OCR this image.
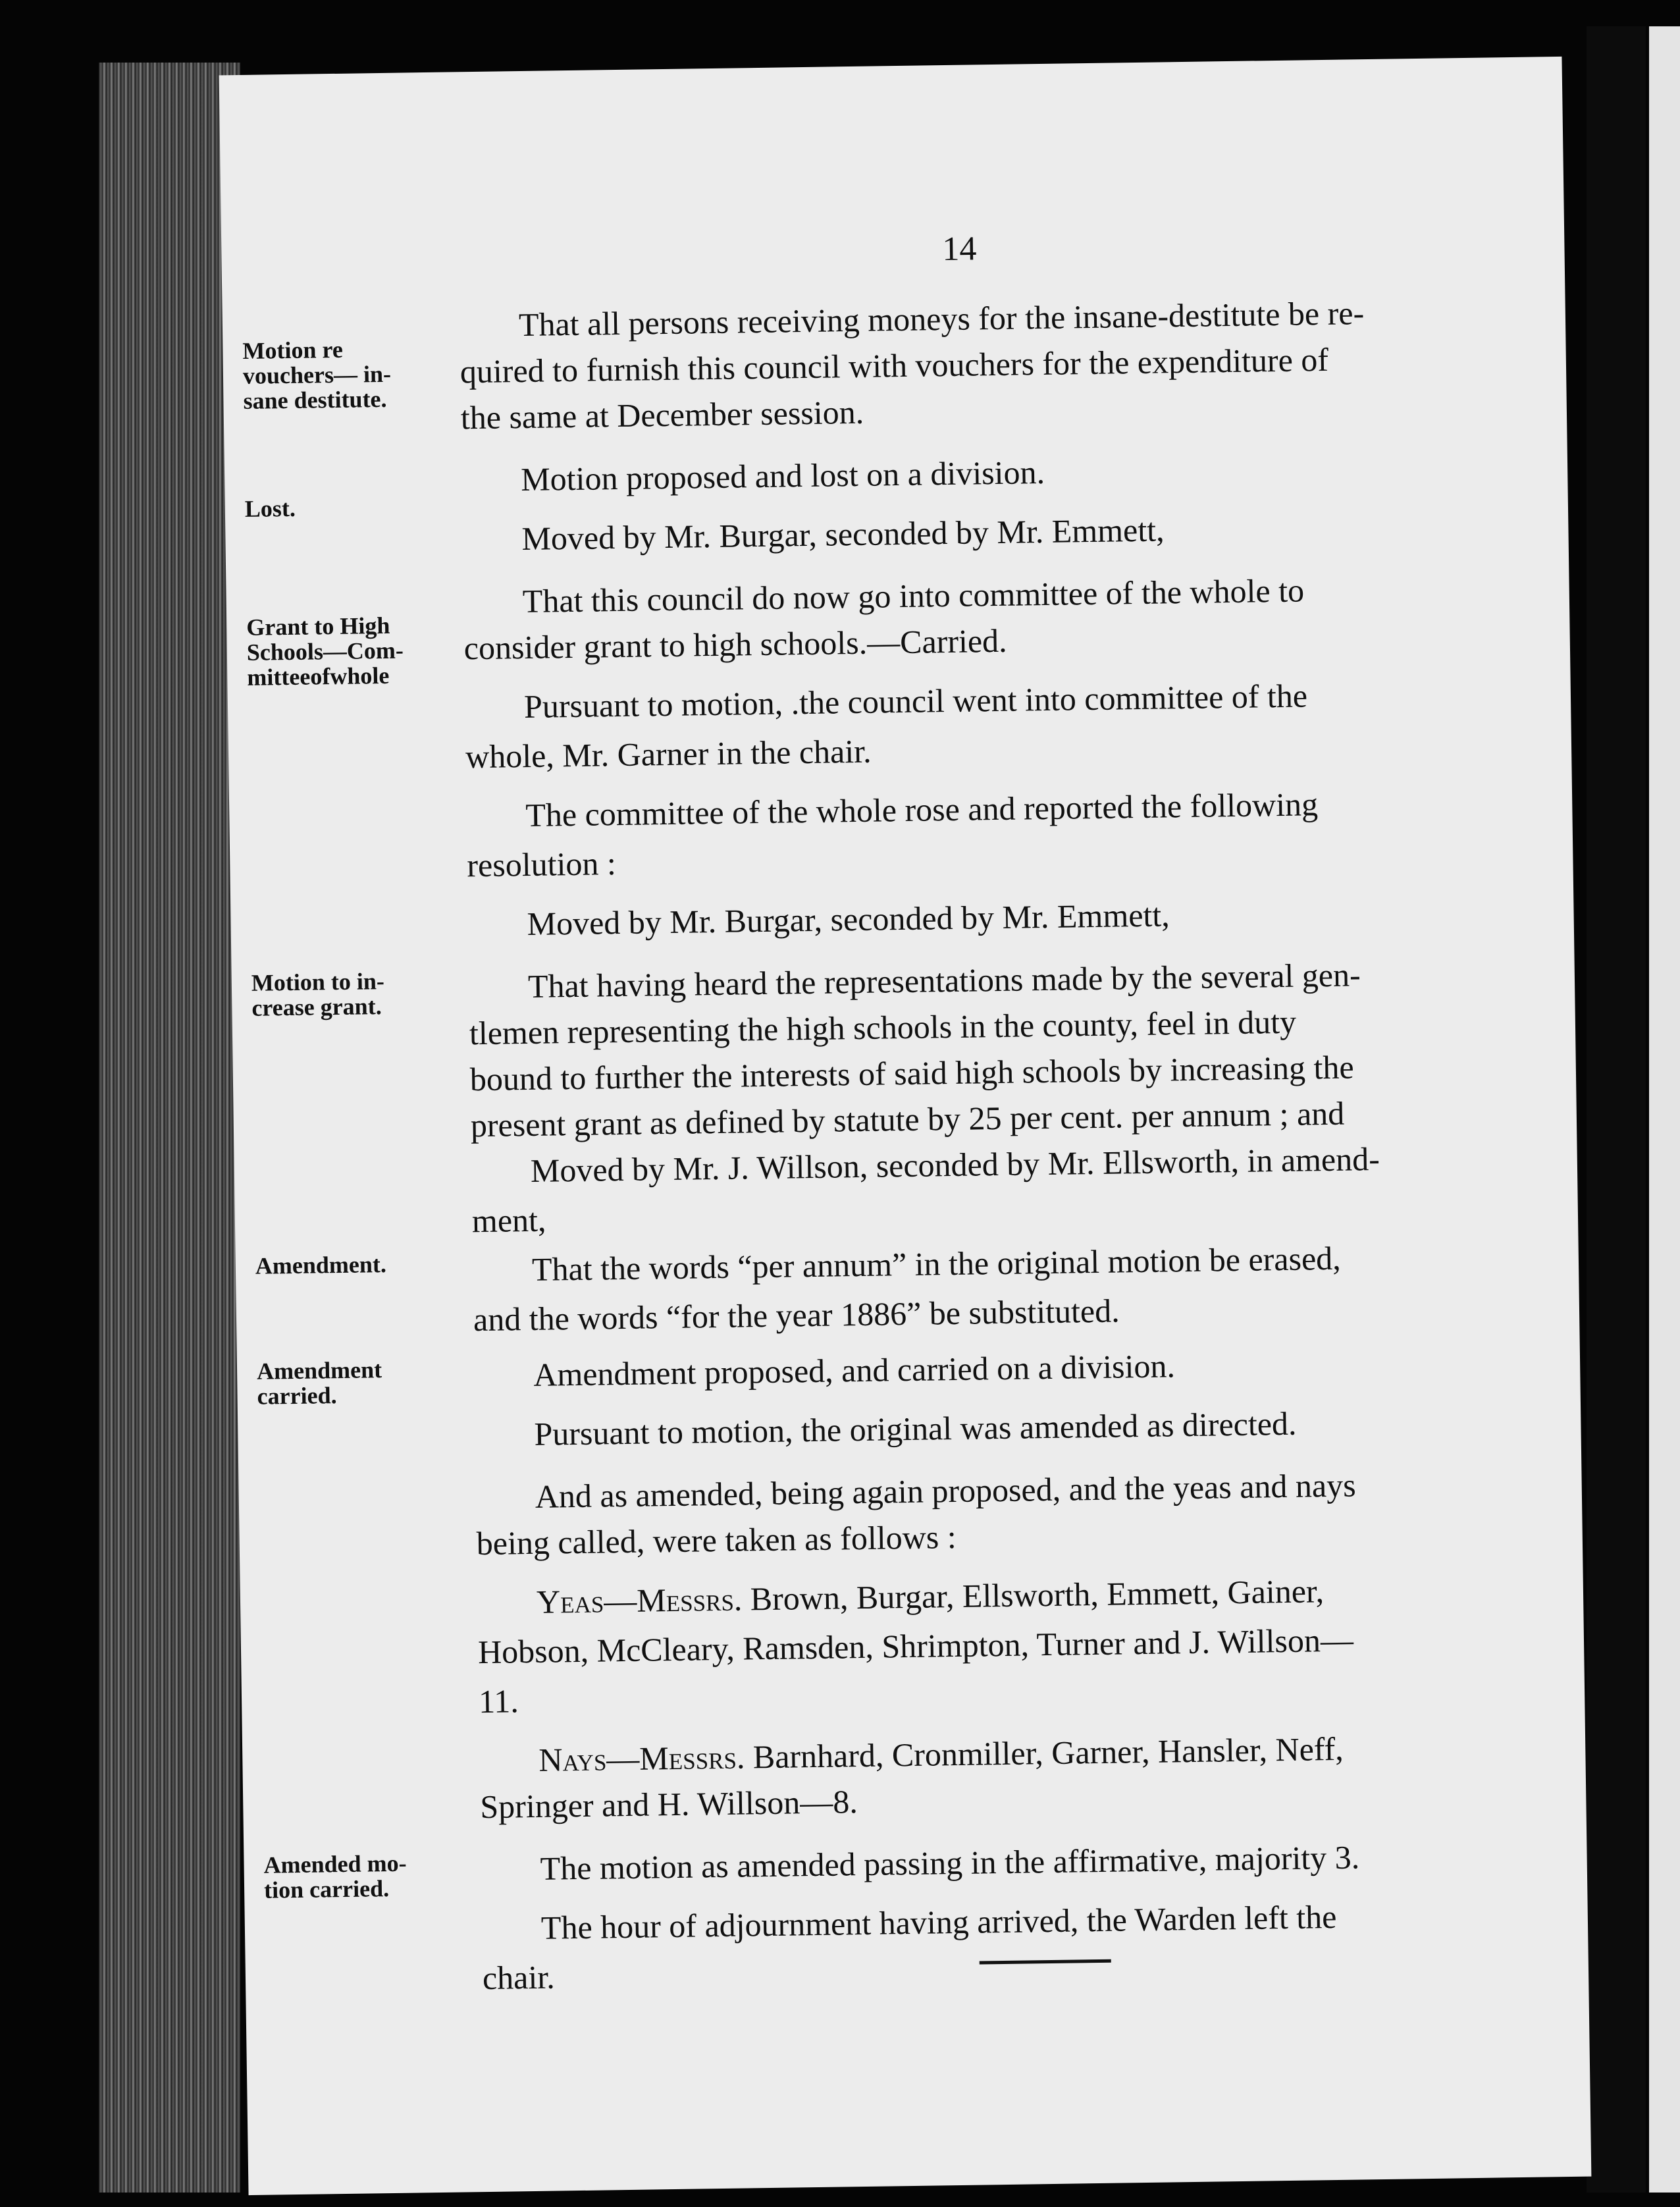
14
Motion re
vouchers— in-
sane destitute.
Lost.
Grant to High
Schools—Com-
mitteeofwhole
Motion to in-
crease grant.
Amendment.
Amendment
carried.
Amended mo-
tion carried.
That all persons receiving moneys for the insane-destitute be re-
quired to furnish this council with vouchers for the expenditure of
the same at December session.
Motion proposed and lost on a division.
Moved by Mr. Burgar, seconded by Mr. Emmett,
That this council do now go into committee of the whole to
consider grant to high schools.—Carried.
Pursuant to motion, .the council went into committee of the
whole, Mr. Garner in the chair.
The committee of the whole rose and reported the following
resolution :
Moved by Mr. Burgar, seconded by Mr. Emmett,
That having heard the representations made by the several gen-
tlemen representing the high schools in the county, feel in duty
bound to further the interests of said high schools by increasing the
present grant as defined by statute by 25 per cent. per annum ; and
Moved by Mr. J. Willson, seconded by Mr. Ellsworth, in amend-
ment,
That the words “per annum” in the original motion be erased,
and the words “for the year 1886” be substituted.
Amendment proposed, and carried on a division.
Pursuant to motion, the original was amended as directed.
And as amended, being again proposed, and the yeas and nays
being called, were taken as follows :
Yeas—Messrs. Brown, Burgar, Ellsworth, Emmett, Gainer,
Hobson, McCleary, Ramsden, Shrimpton, Turner and J. Willson—
11.
Nays—Messrs. Barnhard, Cronmiller, Garner, Hansler, Neff,
Springer and H. Willson—8.
The motion as amended passing in the affirmative, majority 3.
The hour of adjournment having arrived, the Warden left the
chair.
